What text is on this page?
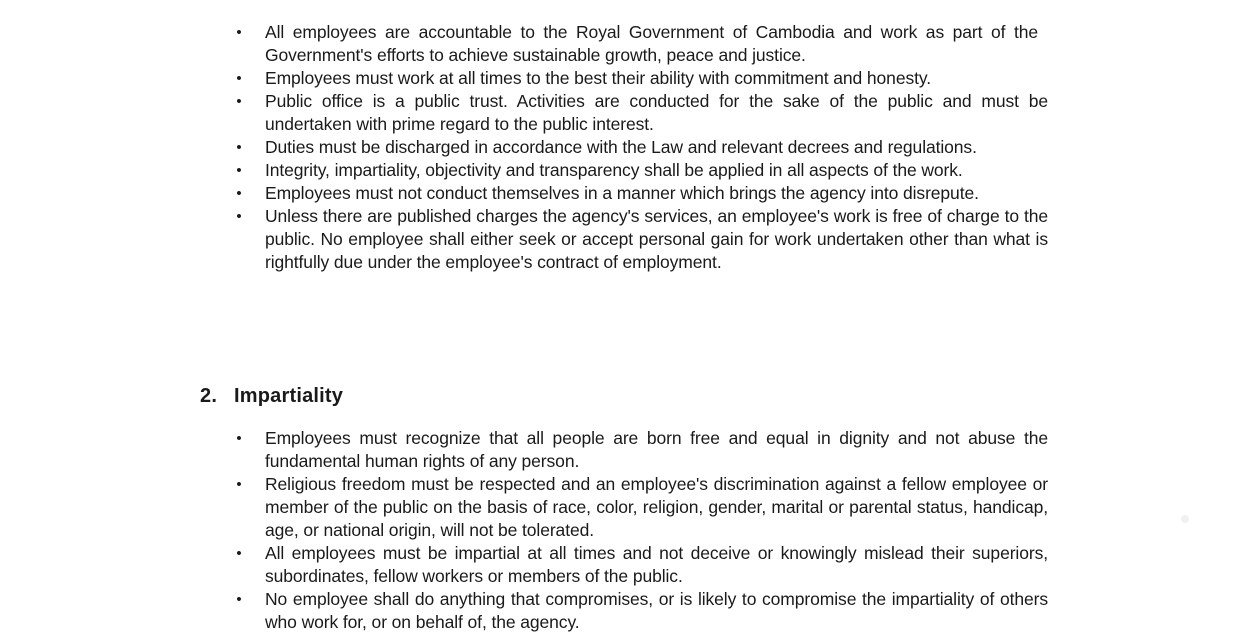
• All employees are accountable to the Royal Government of Cambodia and work as part of the Government's efforts to achieve sustainable growth, peace and justice.
• Employees must work at all times to the best their ability with commitment and honesty.
• Public office is a public trust. Activities are conducted for the sake of the public and must be undertaken with prime regard to the public interest.
• Duties must be discharged in accordance with the Law and relevant decrees and regulations.
• Integrity, impartiality, objectivity and transparency shall be applied in all aspects of the work.
• Employees must not conduct themselves in a manner which brings the agency into disrepute.
• Unless there are published charges the agency's services, an employee's work is free of charge to the public. No employee shall either seek or accept personal gain for work undertaken other than what is rightfully due under the employee's contract of employment.
2. Impartiality
• Employees must recognize that all people are born free and equal in dignity and not abuse the fundamental human rights of any person.
• Religious freedom must be respected and an employee's discrimination against a fellow employee or member of the public on the basis of race, color, religion, gender, marital or parental status, handicap, age, or national origin, will not be tolerated.
• All employees must be impartial at all times and not deceive or knowingly mislead their superiors, subordinates, fellow workers or members of the public.
• No employee shall do anything that compromises, or is likely to compromise the impartiality of others who work for, or on behalf of, the agency.
